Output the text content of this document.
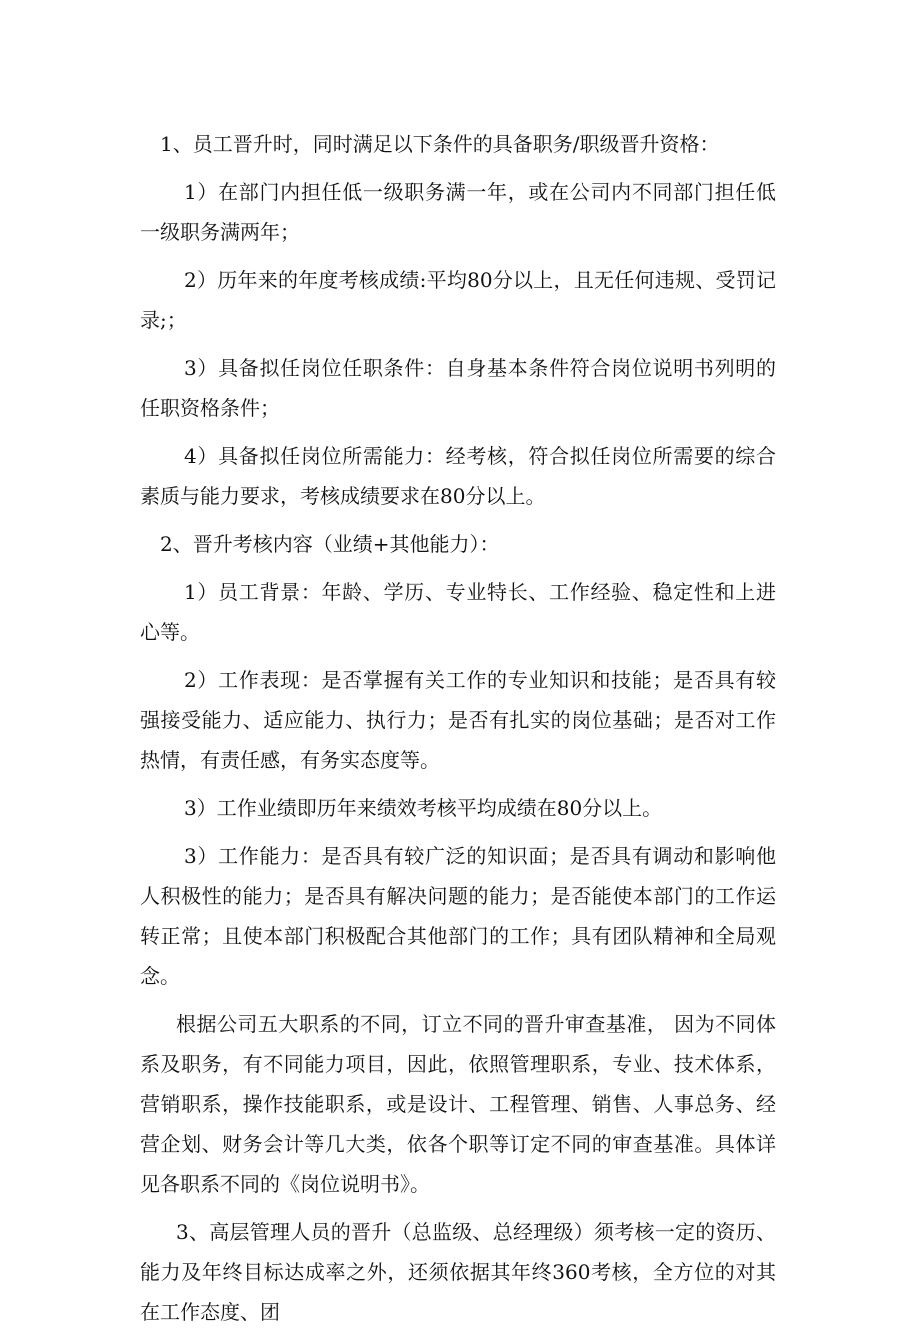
1、员工晋升时，同时满足以下条件的具备职务/职级晋升资格：

1）在部门内担任低一级职务满一年，或在公司内不同部门担任低一级职务满两年；

2）历年来的年度考核成绩:平均80分以上，且无任何违规、受罚记录;；

3）具备拟任岗位任职条件：自身基本条件符合岗位说明书列明的任职资格条件；

4）具备拟任岗位所需能力：经考核，符合拟任岗位所需要的综合素质与能力要求，考核成绩要求在80分以上。

2、晋升考核内容（业绩+其他能力）：

1）员工背景：年龄、学历、专业特长、工作经验、稳定性和上进心等。

2）工作表现：是否掌握有关工作的专业知识和技能；是否具有较强接受能力、适应能力、执行力；是否有扎实的岗位基础；是否对工作热情，有责任感，有务实态度等。

3）工作业绩即历年来绩效考核平均成绩在80分以上。

3）工作能力：是否具有较广泛的知识面；是否具有调动和影响他人积极性的能力；是否具有解决问题的能力；是否能使本部门的工作运转正常；且使本部门积极配合其他部门的工作；具有团队精神和全局观念。

根据公司五大职系的不同，订立不同的晋升审查基准， 因为不同体系及职务，有不同能力项目，因此，依照管理职系，专业、技术体系，营销职系，操作技能职系，或是设计、工程管理、销售、人事总务、经营企划、财务会计等几大类，依各个职等订定不同的审查基准。具体详见各职系不同的《岗位说明书》。

3、高层管理人员的晋升（总监级、总经理级）须考核一定的资历、能力及年终目标达成率之外，还须依据其年终360考核，全方位的对其在工作态度、团
